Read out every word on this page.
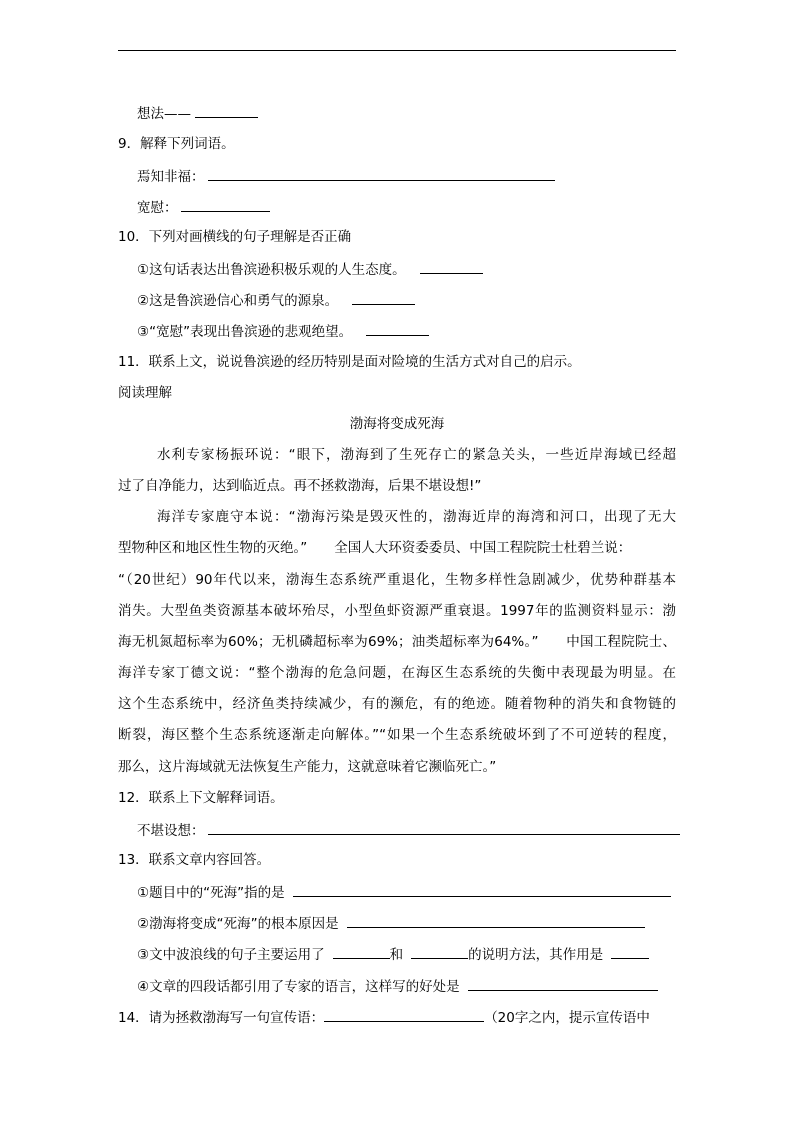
想法——
9．解释下列词语。
焉知非福：
宽慰：
10．下列对画横线的句子理解是否正确
①这句话表达出鲁滨逊积极乐观的人生态度。
②这是鲁滨逊信心和勇气的源泉。
③“宽慰”表现出鲁滨逊的悲观绝望。
11．联系上文，说说鲁滨逊的经历特别是面对险境的生活方式对自己的启示。
阅读理解
渤海将变成死海
水利专家杨振环说：“眼下，渤海到了生死存亡的紧急关头，一些近岸海域已经超
过了自净能力，达到临近点。再不拯救渤海，后果不堪设想!”
海洋专家鹿守本说：“渤海污染是毁灭性的，渤海近岸的海湾和河口，出现了无大
型物种区和地区性生物的灭绝。”　　全国人大环资委委员、中国工程院院士杜碧兰说：
“（20世纪）90年代以来，渤海生态系统严重退化，生物多样性急剧减少，优势种群基本
消失。大型鱼类资源基本破坏殆尽，小型鱼虾资源严重衰退。1997年的监测资料显示：渤
海无机氮超标率为60%；无机磷超标率为69%；油类超标率为64%。”　　中国工程院院士、
海洋专家丁德文说：“整个渤海的危急问题，在海区生态系统的失衡中表现最为明显。在
这个生态系统中，经济鱼类持续减少，有的濒危，有的绝迹。随着物种的消失和食物链的
断裂，海区整个生态系统逐渐走向解体。”“如果一个生态系统破坏到了不可逆转的程度，
那么，这片海域就无法恢复生产能力，这就意味着它濒临死亡。”
12．联系上下文解释词语。
不堪设想：
13．联系文章内容回答。
①题目中的“死海”指的是
②渤海将变成“死海”的根本原因是
③文中波浪线的句子主要运用了	和	的说明方法，其作用是
④文章的四段话都引用了专家的语言，这样写的好处是
14．请为拯救渤海写一句宣传语：	（20字之内，提示宣传语中
